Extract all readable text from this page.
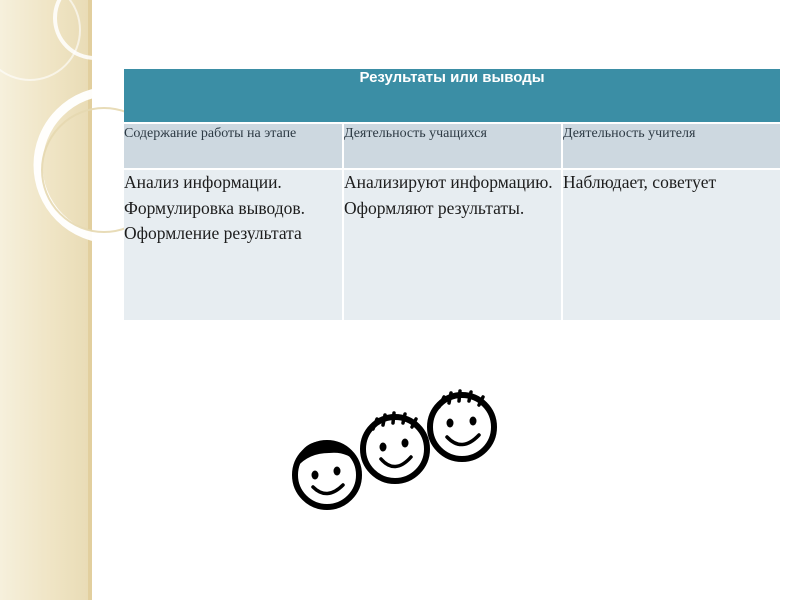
Результаты или выводы		
Содержание работы на этапе	Деятельность учащихся	Деятельность учителя
Анализ информации. Формулировка выводов. Оформление результата	Анализируют информацию. Оформляют результаты.	Наблюдает, советует
